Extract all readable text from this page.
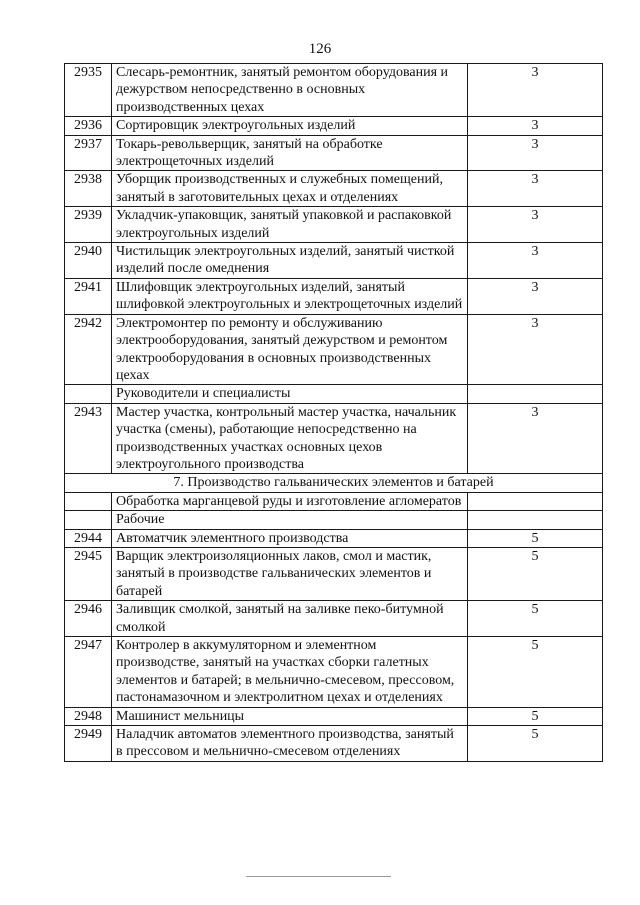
126
2935	Слесарь-ремонтник, занятый ремонтом оборудования и дежурством непосредственно в основных производственных цехах	3
2936	Сортировщик электроугольных изделий	3
2937	Токарь-револьверщик, занятый на обработке электрощеточных изделий	3
2938	Уборщик производственных и служебных помещений, занятый в заготовительных цехах и отделениях	3
2939	Укладчик-упаковщик, занятый упаковкой и распаковкой электроугольных изделий	3
2940	Чистильщик электроугольных изделий, занятый чисткой изделий после омеднения	3
2941	Шлифовщик электроугольных изделий, занятый шлифовкой электроугольных и электрощеточных изделий	3
2942	Электромонтер по ремонту и обслуживанию электрооборудования, занятый дежурством и ремонтом электрооборудования в основных производственных цехах	3
	Руководители и специалисты	
2943	Мастер участка, контрольный мастер участка, начальник участка (смены), работающие непосредственно на производственных участках основных цехов электроугольного производства	3
7. Производство гальванических элементов и батарей		
	Обработка марганцевой руды и изготовление агломератов	
	Рабочие	
2944	Автоматчик элементного производства	5
2945	Варщик электроизоляционных лаков, смол и мастик, занятый в производстве гальванических элементов и батарей	5
2946	Заливщик смолкой, занятый на заливке пеко-битумной смолкой	5
2947	Контролер в аккумуляторном и элементном производстве, занятый на участках сборки галетных элементов и батарей; в мельнично-смесевом, прессовом, пастонамазочном и электролитном цехах и отделениях	5
2948	Машинист мельницы	5
2949	Наладчик автоматов элементного производства, занятый в прессовом и мельнично-смесевом отделениях	5
